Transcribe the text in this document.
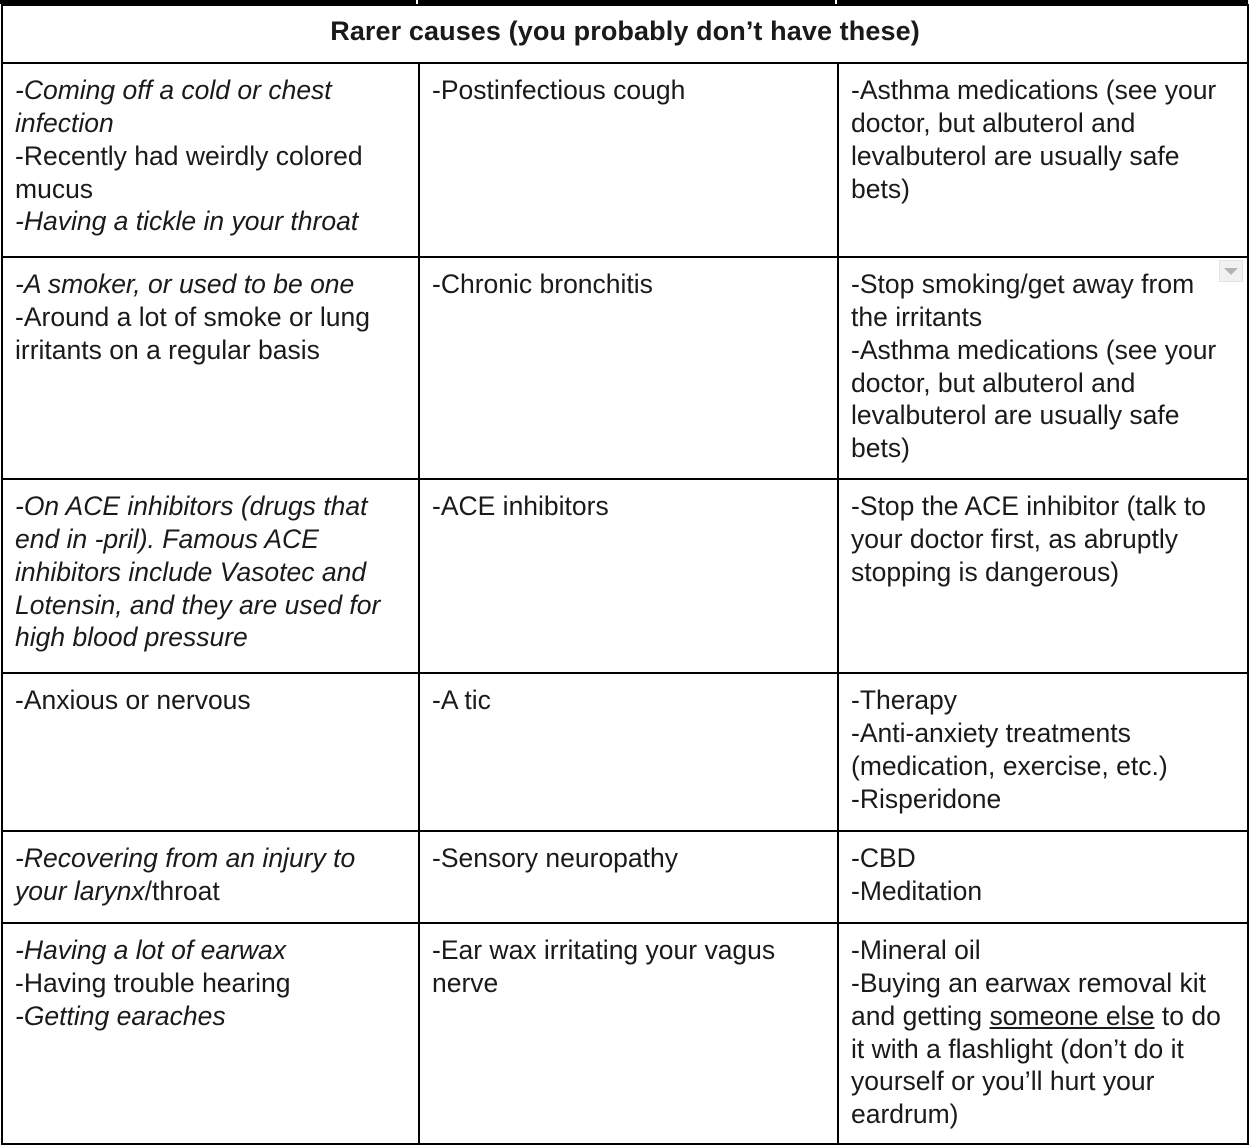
Rarer causes (you probably don’t have these)		

-Coming off a cold or chest infection
-Recently had weirdly colored mucus
-Having a tickle in your throat	-Postinfectious cough	-Asthma medications (see your doctor, but albuterol and levalbuterol are usually safe bets)

-A smoker, or used to be one
-Around a lot of smoke or lung irritants on a regular basis	-Chronic bronchitis	-Stop smoking/get away from the irritants
-Asthma medications (see your doctor, but albuterol and levalbuterol are usually safe bets)

-On ACE inhibitors (drugs that end in -pril). Famous ACE inhibitors include Vasotec and Lotensin, and they are used for high blood pressure	-ACE inhibitors	-Stop the ACE inhibitor (talk to your doctor first, as abruptly stopping is dangerous)

-Anxious or nervous	-A tic	-Therapy
-Anti-anxiety treatments (medication, exercise, etc.)
-Risperidone

-Recovering from an injury to your larynx/throat	-Sensory neuropathy	-CBD
-Meditation

-Having a lot of earwax
-Having trouble hearing
-Getting earaches	-Ear wax irritating your vagus nerve	-Mineral oil
-Buying an earwax removal kit and getting someone else to do it with a flashlight (don’t do it yourself or you’ll hurt your eardrum)
